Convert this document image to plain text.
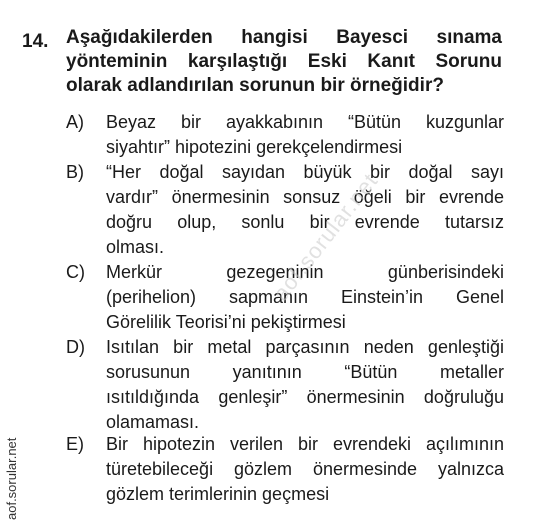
14. Aşağıdakilerden hangisi Bayesci sınama
yönteminin karşılaştığı Eski Kanıt Sorunu
olarak adlandırılan sorunun bir örneğidir?
A) Beyaz bir ayakkabının “Bütün kuzgunlar
siyahtır” hipotezini gerekçelendirmesi
B) “Her doğal sayıdan büyük bir doğal sayı
vardır” önermesinin sonsuz öğeli bir evrende
doğru olup, sonlu bir evrende tutarsız
olması.
C) Merkür gezegeninin günberisindeki
(perihelion) sapmanın Einstein’in Genel
Görelilik Teorisi’ni pekiştirmesi
D) Isıtılan bir metal parçasının neden genleştiği
sorusunun yanıtının “Bütün metaller
ısıtıldığında genleşir” önermesinin doğruluğu
olamaması.
E) Bir hipotezin verilen bir evrendeki açılımının
türetebileceği gözlem önermesinde yalnızca
gözlem terimlerinin geçmesi
aof.sorular.net
aof.sorular.net
